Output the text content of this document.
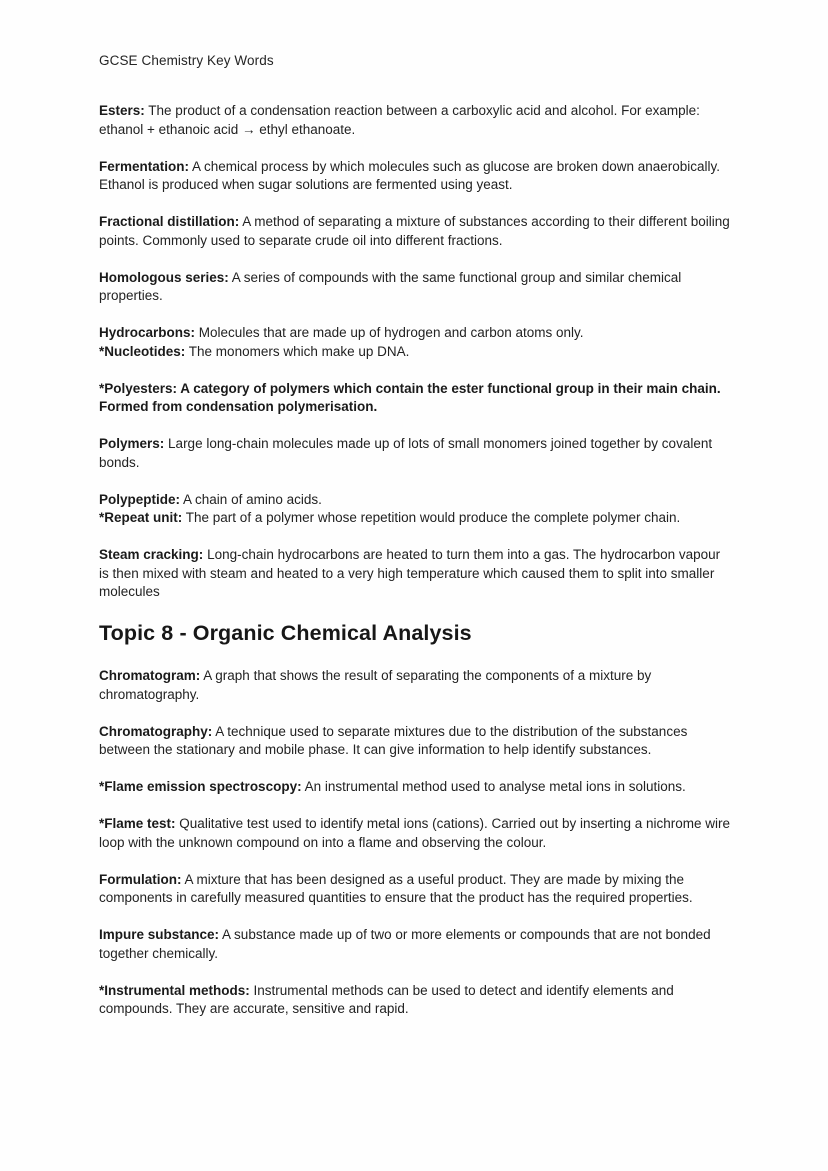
GCSE Chemistry Key Words

Esters: The product of a condensation reaction between a carboxylic acid and alcohol. For example: ethanol + ethanoic acid → ethyl ethanoate.

Fermentation: A chemical process by which molecules such as glucose are broken down anaerobically. Ethanol is produced when sugar solutions are fermented using yeast.

Fractional distillation: A method of separating a mixture of substances according to their different boiling points. Commonly used to separate crude oil into different fractions.

Homologous series: A series of compounds with the same functional group and similar chemical properties.

Hydrocarbons: Molecules that are made up of hydrogen and carbon atoms only.

*Nucleotides: The monomers which make up DNA.

*Polyesters: A category of polymers which contain the ester functional group in their main chain. Formed from condensation polymerisation.

Polymers: Large long-chain molecules made up of lots of small monomers joined together by covalent bonds.

Polypeptide: A chain of amino acids.

*Repeat unit: The part of a polymer whose repetition would produce the complete polymer chain.

Steam cracking: Long-chain hydrocarbons are heated to turn them into a gas. The hydrocarbon vapour is then mixed with steam and heated to a very high temperature which caused them to split into smaller molecules

Topic 8 - Organic Chemical Analysis

Chromatogram: A graph that shows the result of separating the components of a mixture by chromatography.

Chromatography: A technique used to separate mixtures due to the distribution of the substances between the stationary and mobile phase. It can give information to help identify substances.

*Flame emission spectroscopy: An instrumental method used to analyse metal ions in solutions.

*Flame test: Qualitative test used to identify metal ions (cations). Carried out by inserting a nichrome wire loop with the unknown compound on into a flame and observing the colour.

Formulation: A mixture that has been designed as a useful product. They are made by mixing the components in carefully measured quantities to ensure that the product has the required properties.

Impure substance: A substance made up of two or more elements or compounds that are not bonded together chemically.

*Instrumental methods: Instrumental methods can be used to detect and identify elements and compounds. They are accurate, sensitive and rapid.
